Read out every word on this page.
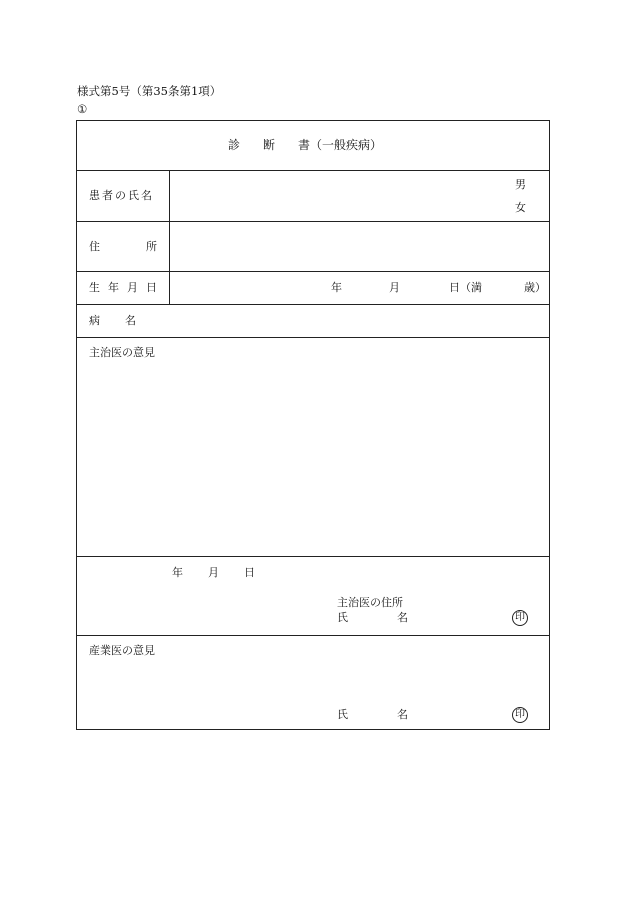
様式第5号（第35条第1項）
①
診 断 書（一般疾病）
患者の氏名
男
女
住	所
生 年 月 日	年	月	日（満	歳）
病 名
主治医の意見
年 月 日
主治医の住所
氏	名	印
産業医の意見
氏	名	印
